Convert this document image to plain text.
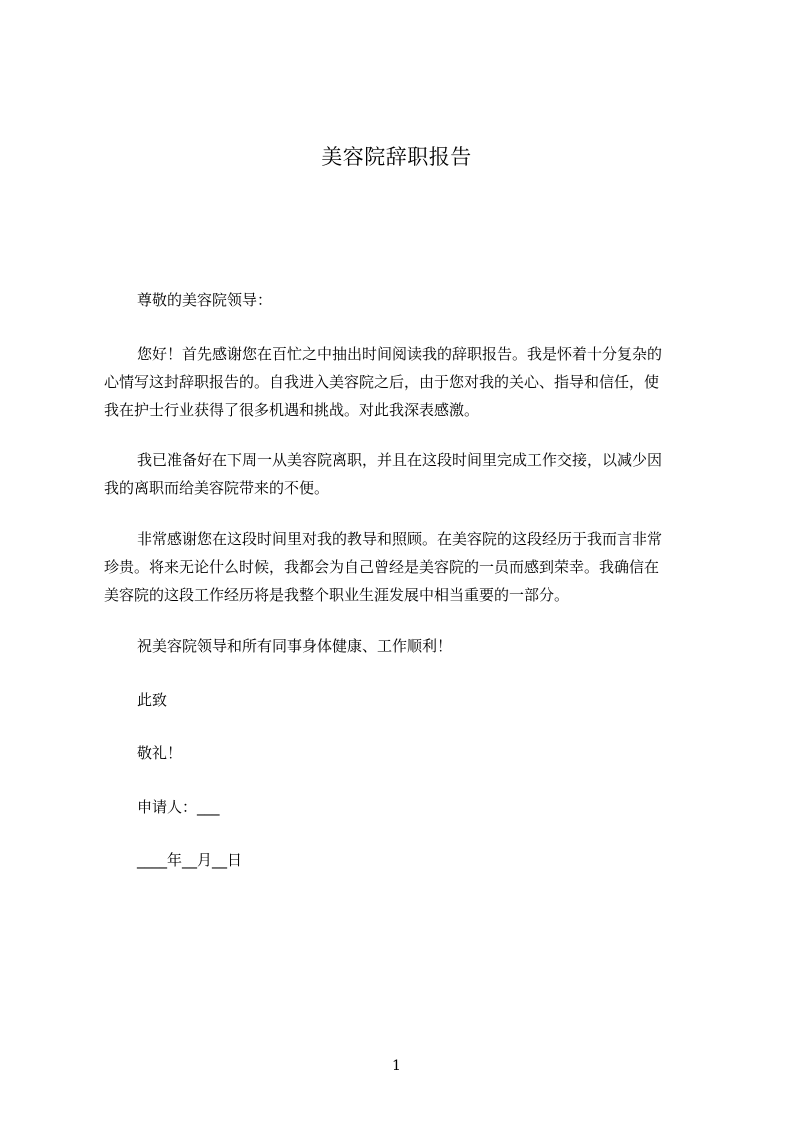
美容院辞职报告

尊敬的美容院领导：

您好！首先感谢您在百忙之中抽出时间阅读我的辞职报告。我是怀着十分复杂的

心情写这封辞职报告的。自我进入美容院之后，由于您对我的关心、指导和信任，使

我在护士行业获得了很多机遇和挑战。对此我深表感激。

我已准备好在下周一从美容院离职，并且在这段时间里完成工作交接，以减少因

我的离职而给美容院带来的不便。

非常感谢您在这段时间里对我的教导和照顾。在美容院的这段经历于我而言非常

珍贵。将来无论什么时候，我都会为自己曾经是美容院的一员而感到荣幸。我确信在

美容院的这段工作经历将是我整个职业生涯发展中相当重要的一部分。

祝美容院领导和所有同事身体健康、工作顺利！

此致

敬礼！

申请人：___

____年__月__日

1
